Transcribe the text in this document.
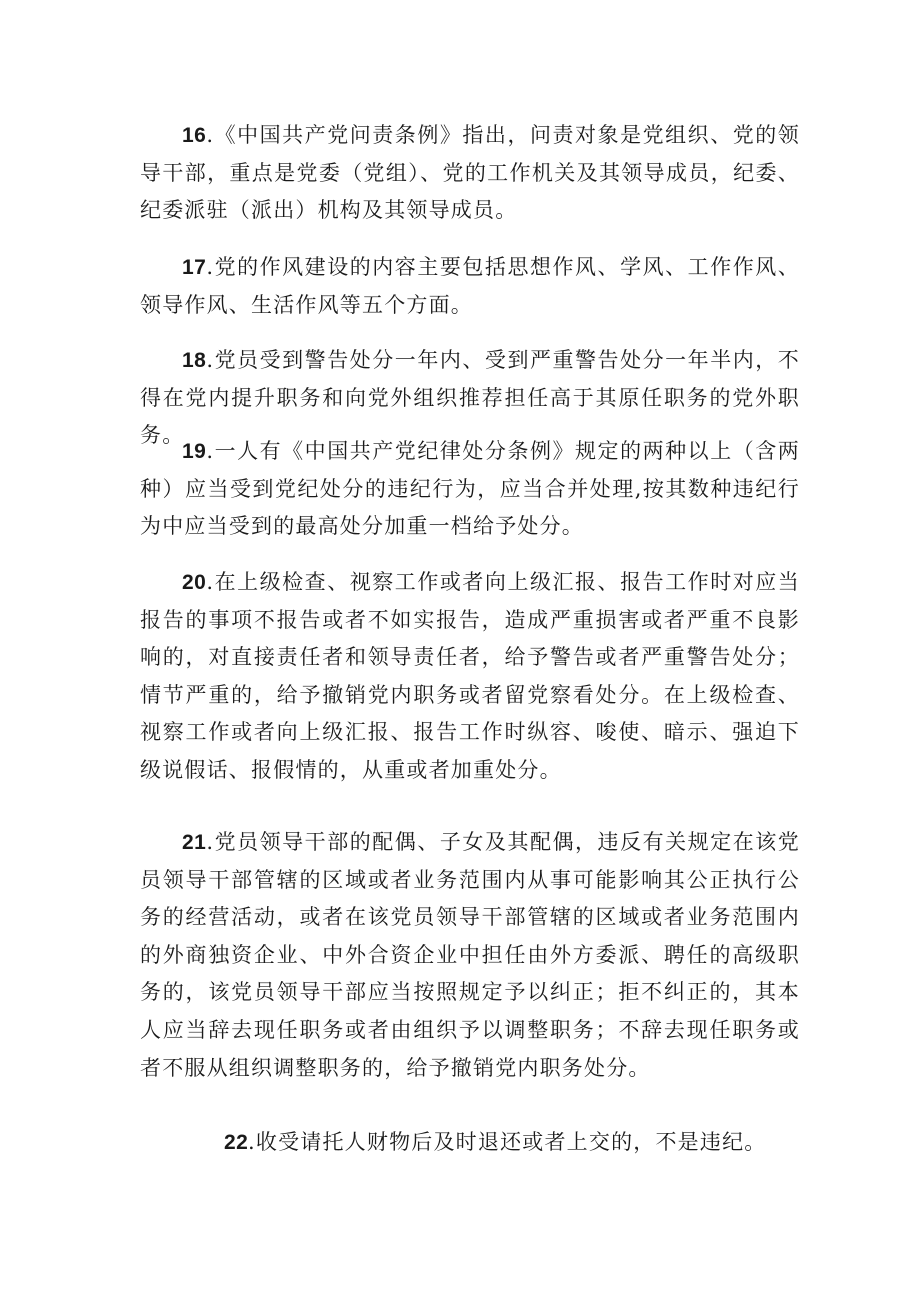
16.《中国共产党问责条例》指出，问责对象是党组织、党的领导干部，重点是党委（党组）、党的工作机关及其领导成员，纪委、纪委派驻（派出）机构及其领导成员。

17.党的作风建设的内容主要包括思想作风、学风、工作作风、领导作风、生活作风等五个方面。

18.党员受到警告处分一年内、受到严重警告处分一年半内，不得在党内提升职务和向党外组织推荐担任高于其原任职务的党外职务。

19.一人有《中国共产党纪律处分条例》规定的两种以上（含两种）应当受到党纪处分的违纪行为，应当合并处理,按其数种违纪行为中应当受到的最高处分加重一档给予处分。

20.在上级检查、视察工作或者向上级汇报、报告工作时对应当报告的事项不报告或者不如实报告，造成严重损害或者严重不良影响的，对直接责任者和领导责任者，给予警告或者严重警告处分；情节严重的，给予撤销党内职务或者留党察看处分。在上级检查、视察工作或者向上级汇报、报告工作时纵容、唆使、暗示、强迫下级说假话、报假情的，从重或者加重处分。

21.党员领导干部的配偶、子女及其配偶，违反有关规定在该党员领导干部管辖的区域或者业务范围内从事可能影响其公正执行公务的经营活动，或者在该党员领导干部管辖的区域或者业务范围内的外商独资企业、中外合资企业中担任由外方委派、聘任的高级职务的，该党员领导干部应当按照规定予以纠正；拒不纠正的，其本人应当辞去现任职务或者由组织予以调整职务；不辞去现任职务或者不服从组织调整职务的，给予撤销党内职务处分。

22.收受请托人财物后及时退还或者上交的，不是违纪。
